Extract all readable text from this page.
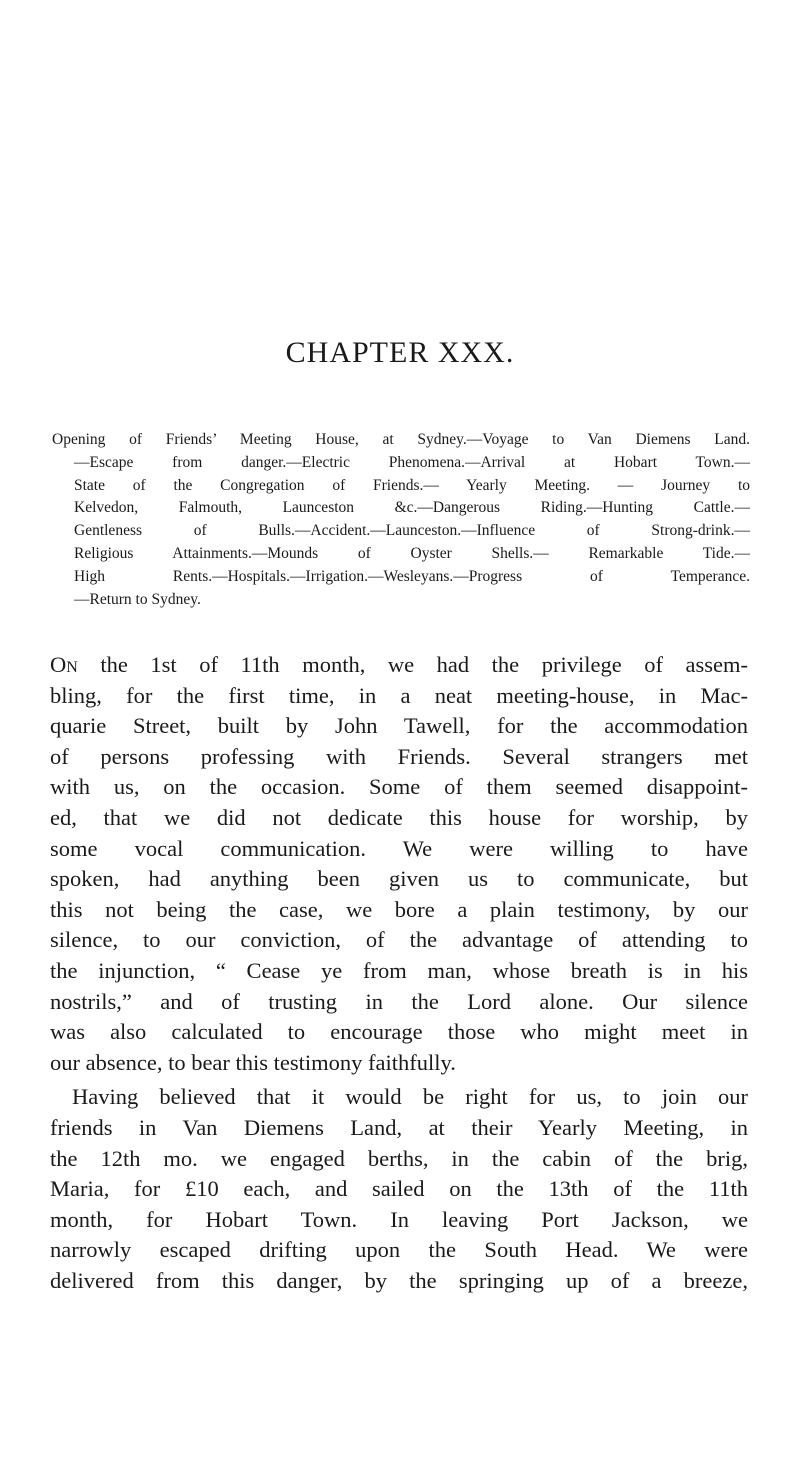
CHAPTER XXX.
Opening of Friends’ Meeting House, at Sydney.—Voyage to Van Diemens Land.
—Escape from danger.—Electric Phenomena.—Arrival at Hobart Town.—
State of the Congregation of Friends.— Yearly Meeting. — Journey to
Kelvedon, Falmouth, Launceston &c.—Dangerous Riding.—Hunting Cattle.—
Gentleness of Bulls.—Accident.—Launceston.—Influence of Strong-drink.—
Religious Attainments.—Mounds of Oyster Shells.— Remarkable Tide.—
High Rents.—Hospitals.—Irrigation.—Wesleyans.—Progress of Temperance.
—Return to Sydney.
On the 1st of 11th month, we had the privilege of assem-
bling, for the first time, in a neat meeting-house, in Mac-
quarie Street, built by John Tawell, for the accommodation
of persons professing with Friends. Several strangers met
with us, on the occasion. Some of them seemed disappoint-
ed, that we did not dedicate this house for worship, by
some vocal communication. We were willing to have
spoken, had anything been given us to communicate, but
this not being the case, we bore a plain testimony, by our
silence, to our conviction, of the advantage of attending to
the injunction, “ Cease ye from man, whose breath is in his
nostrils,” and of trusting in the Lord alone. Our silence
was also calculated to encourage those who might meet in
our absence, to bear this testimony faithfully.
Having believed that it would be right for us, to join our
friends in Van Diemens Land, at their Yearly Meeting, in
the 12th mo. we engaged berths, in the cabin of the brig,
Maria, for £10 each, and sailed on the 13th of the 11th
month, for Hobart Town. In leaving Port Jackson, we
narrowly escaped drifting upon the South Head. We were
delivered from this danger, by the springing up of a breeze,
